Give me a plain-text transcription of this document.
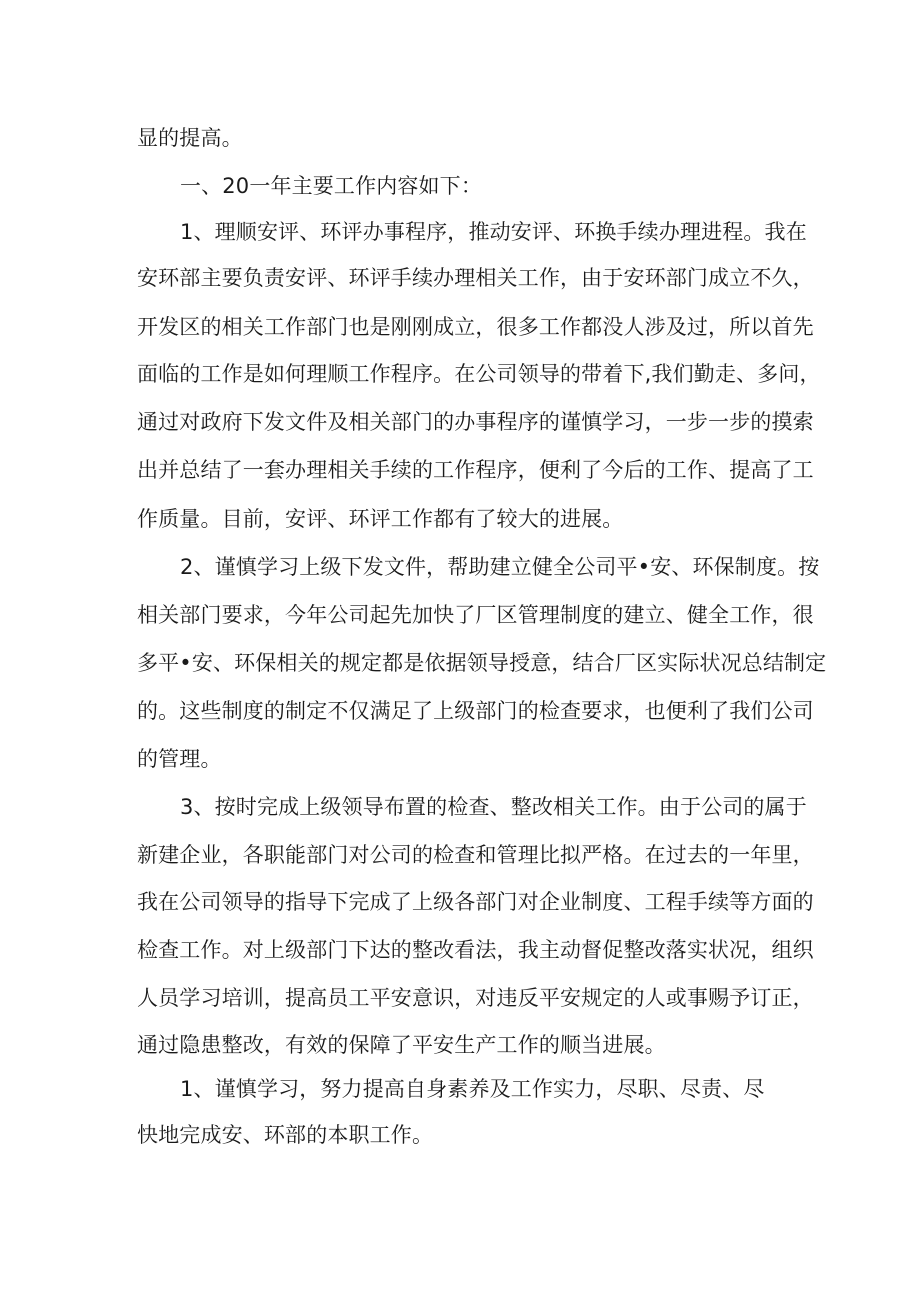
显的提高。

一、20一年主要工作内容如下：

1、理顺安评、环评办事程序，推动安评、环换手续办理进程。我在

安环部主要负责安评、环评手续办理相关工作，由于安环部门成立不久，

开发区的相关工作部门也是刚刚成立，很多工作都没人涉及过，所以首先

面临的工作是如何理顺工作程序。在公司领导的带着下,我们勤走、多问，

通过对政府下发文件及相关部门的办事程序的谨慎学习，一步一步的摸索

出并总结了一套办理相关手续的工作程序，便利了今后的工作、提高了工

作质量。目前，安评、环评工作都有了较大的进展。

2、谨慎学习上级下发文件，帮助建立健全公司平•安、环保制度。按

相关部门要求，今年公司起先加快了厂区管理制度的建立、健全工作，很

多平•安、环保相关的规定都是依据领导授意，结合厂区实际状况总结制定

的。这些制度的制定不仅满足了上级部门的检查要求，也便利了我们公司

的管理。

3、按时完成上级领导布置的检查、整改相关工作。由于公司的属于

新建企业，各职能部门对公司的检查和管理比拟严格。在过去的一年里，

我在公司领导的指导下完成了上级各部门对企业制度、工程手续等方面的

检查工作。对上级部门下达的整改看法，我主动督促整改落实状况，组织

人员学习培训，提高员工平安意识，对违反平安规定的人或事赐予订正，

通过隐患整改，有效的保障了平安生产工作的顺当进展。

1、谨慎学习，努力提高自身素养及工作实力，尽职、尽责、尽

快地完成安、环部的本职工作。
